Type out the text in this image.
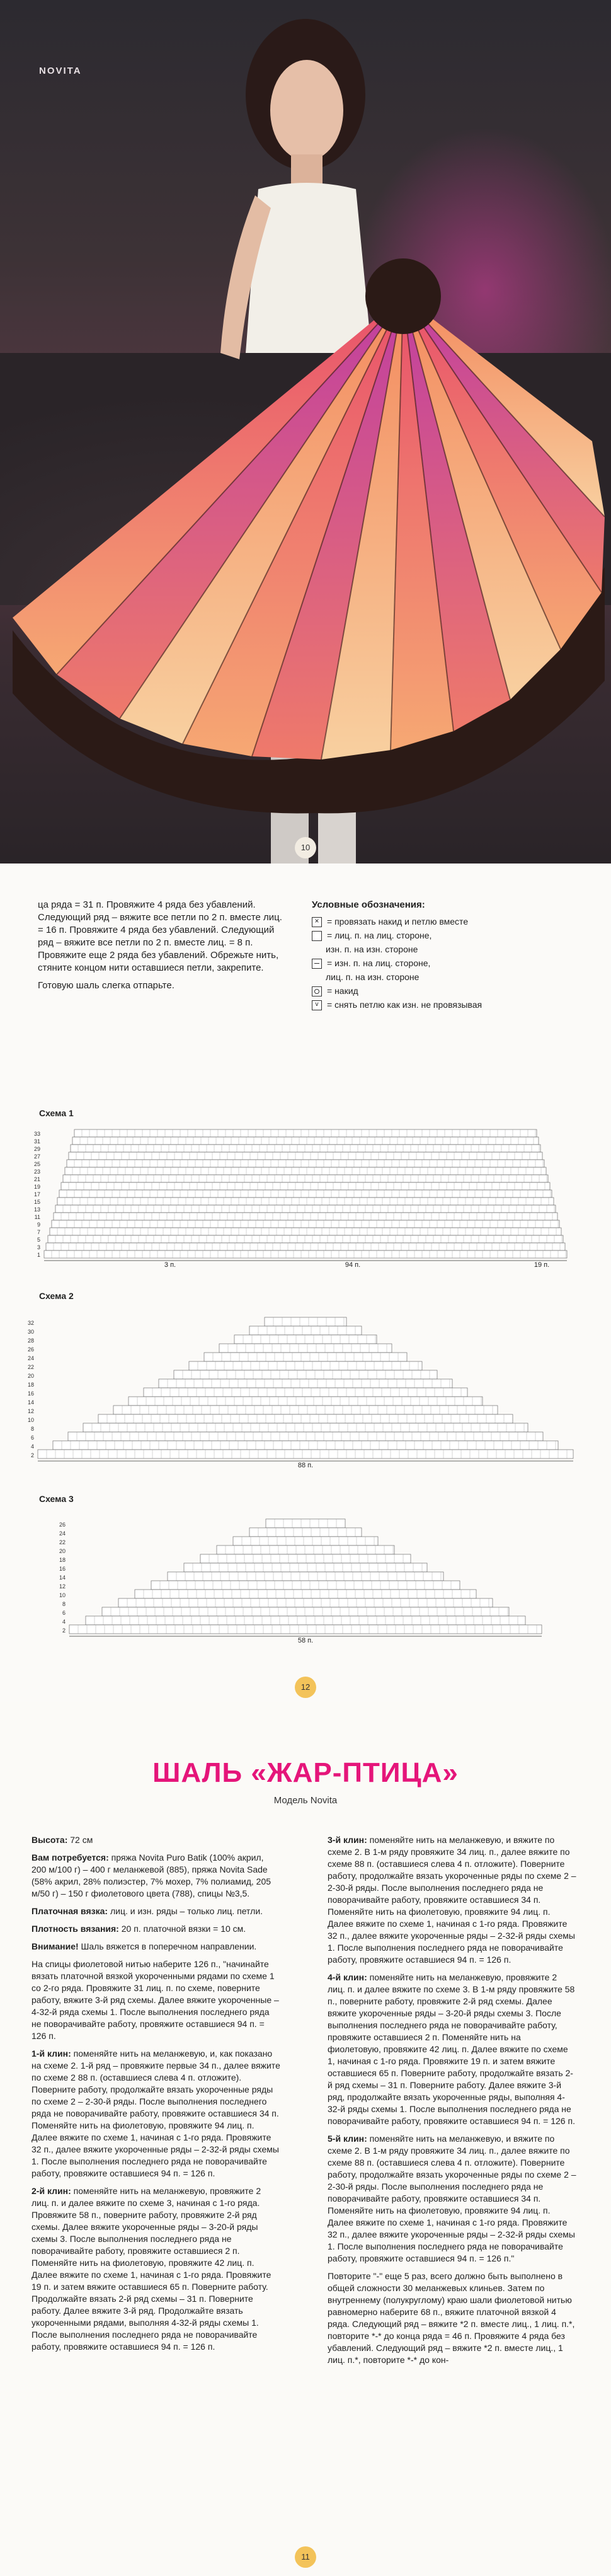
NOVITA
10

ца ряда = 31 п. Провяжите 4 ряда без убавлений. Следующий ряд – вяжите все петли по 2 п. вместе лиц. = 16 п. Провяжите 4 ряда без убавлений. Следующий ряд – вяжите все петли по 2 п. вместе лиц. = 8 п. Провяжите еще 2 ряда без убавлений. Обрежьте нить, стяните концом нити оставшиеся петли, закрепите.

Готовую шаль слегка отпарьте.

Условные обозначения:
×
= провязать накид и петлю вместе
= лиц. п. на лиц. стороне,
изн. п. на изн. стороне
= изн. п. на лиц. стороне,
лиц. п. на изн. стороне
= накид
v
= снять петлю как изн. не провязывая
Схема 1
33
31
29
27
25
23
21
19
17
15
13
11
9
7
5
3
1
3 п.	94 п.	19 п.
Схема 2
32
30
28
26
24
22
20
18
16
14
12
10
8
6
4
2
88 п.
Схема 3
26
24
22
20
18
16
14
12
10
8
6
4
2
58 п.
12
ШАЛЬ «ЖАР-ПТИЦА»
Модель Novita

Высота: 72 см

Вам потребуется: пряжа Novita Puro Batik (100% акрил, 200 м/100 г) – 400 г меланжевой (885), пряжа Novita Sade (58% акрил, 28% полиэстер, 7% мохер, 7% полиамид, 205 м/50 г) – 150 г фиолетового цвета (788), спицы №3,5.

Платочная вязка: лиц. и изн. ряды – только лиц. петли.

Плотность вязания: 20 п. платочной вязки = 10 см.

Внимание! Шаль вяжется в поперечном направлении.

На спицы фиолетовой нитью наберите 126 п., "начинайте вязать платочной вязкой укороченными рядами по схеме 1 со 2-го ряда. Провяжите 31 лиц. п. по схеме, поверните работу, вяжите 3-й ряд схемы. Далее вяжите укороченные – 4-32-й ряда схемы 1. После выполнения последнего ряда не поворачивайте работу, провяжите оставшиеся 94 п. = 126 п.

1-й клин: поменяйте нить на меланжевую, и, как показано на схеме 2. 1-й ряд – провяжите первые 34 п., далее вяжите по схеме 2 88 п. (оставшиеся слева 4 п. отложите). Поверните работу, продолжайте вязать укороченные ряды по схеме 2 – 2-30-й ряды. После выполнения последнего ряда не поворачивайте работу, провяжите оставшиеся 34 п. Поменяйте нить на фиолетовую, провяжите 94 лиц. п. Далее вяжите по схеме 1, начиная с 1-го ряда. Провяжите 32 п., далее вяжите укороченные ряды – 2-32-й ряды схемы 1. После выполнения последнего ряда не поворачивайте работу, провяжите оставшиеся 94 п. = 126 п.

2-й клин: поменяйте нить на меланжевую, провяжите 2 лиц. п. и далее вяжите по схеме 3, начиная с 1-го ряда. Провяжите 58 п., поверните работу, провяжите 2-й ряд схемы. Далее вяжите укороченные ряды – 3-20-й ряды схемы 3. После выполнения последнего ряда не поворачивайте работу, провяжите оставшиеся 2 п. Поменяйте нить на фиолетовую, провяжите 42 лиц. п. Далее вяжите по схеме 1, начиная с 1-го ряда. Провяжите 19 п. и затем вяжите оставшиеся 65 п. Поверните работу. Продолжайте вязать 2-й ряд схемы – 31 п. Поверните работу. Далее вяжите 3-й ряд. Продолжайте вязать укороченными рядами, выполняя 4-32-й ряды схемы 1. После выполнения последнего ряда не поворачивайте работу, провяжите оставшиеся 94 п. = 126 п.

3-й клин: поменяйте нить на меланжевую, и вяжите по схеме 2. В 1-м ряду провяжите 34 лиц. п., далее вяжите по схеме 88 п. (оставшиеся слева 4 п. отложите). Поверните работу, продолжайте вязать укороченные ряды по схеме 2 – 2-30-й ряды. После выполнения последнего ряда не поворачивайте работу, провяжите оставшиеся 34 п. Поменяйте нить на фиолетовую, провяжите 94 лиц. п. Далее вяжите по схеме 1, начиная с 1-го ряда. Провяжите 32 п., далее вяжите укороченные ряды – 2-32-й ряды схемы 1. После выполнения последнего ряда не поворачивайте работу, провяжите оставшиеся 94 п. = 126 п.

4-й клин: поменяйте нить на меланжевую, провяжите 2 лиц. п. и далее вяжите по схеме 3. В 1-м ряду провяжите 58 п., поверните работу, провяжите 2-й ряд схемы. Далее вяжите укороченные ряды – 3-20-й ряды схемы 3. После выполнения последнего ряда не поворачивайте работу, провяжите оставшиеся 2 п. Поменяйте нить на фиолетовую, провяжите 42 лиц. п. Далее вяжите по схеме 1, начиная с 1-го ряда. Провяжите 19 п. и затем вяжите оставшиеся 65 п. Поверните работу, продолжайте вязать 2-й ряд схемы – 31 п. Поверните работу. Далее вяжите 3-й ряд, продолжайте вязать укороченные ряды, выполняя 4-32-й ряды схемы 1. После выполнения последнего ряда не поворачивайте работу, провяжите оставшиеся 94 п. = 126 п.

5-й клин: поменяйте нить на меланжевую, и вяжите по схеме 2. В 1-м ряду провяжите 34 лиц. п., далее вяжите по схеме 88 п. (оставшиеся слева 4 п. отложите). Поверните работу, продолжайте вязать укороченные ряды по схеме 2 – 2-30-й ряды. После выполнения последнего ряда не поворачивайте работу, провяжите оставшиеся 34 п. Поменяйте нить на фиолетовую, провяжите 94 лиц. п. Далее вяжите по схеме 1, начиная с 1-го ряда. Провяжите 32 п., далее вяжите укороченные ряды – 2-32-й ряды схемы 1. После выполнения последнего ряда не поворачивайте работу, провяжите оставшиеся 94 п. = 126 п."

Повторите "-" еще 5 раз, всего должно быть выполнено в общей сложности 30 меланжевых клиньев. Затем по внутреннему (полукруглому) краю шали фиолетовой нитью равномерно наберите 68 п., вяжите платочной вязкой 4 ряда. Следующий ряд – вяжите *2 п. вместе лиц., 1 лиц. п.*, повторите *-* до конца ряда = 46 п. Провяжите 4 ряда без убавлений. Следующий ряд – вяжите *2 п. вместе лиц., 1 лиц. п.*, повторите *-* до кон-

11
